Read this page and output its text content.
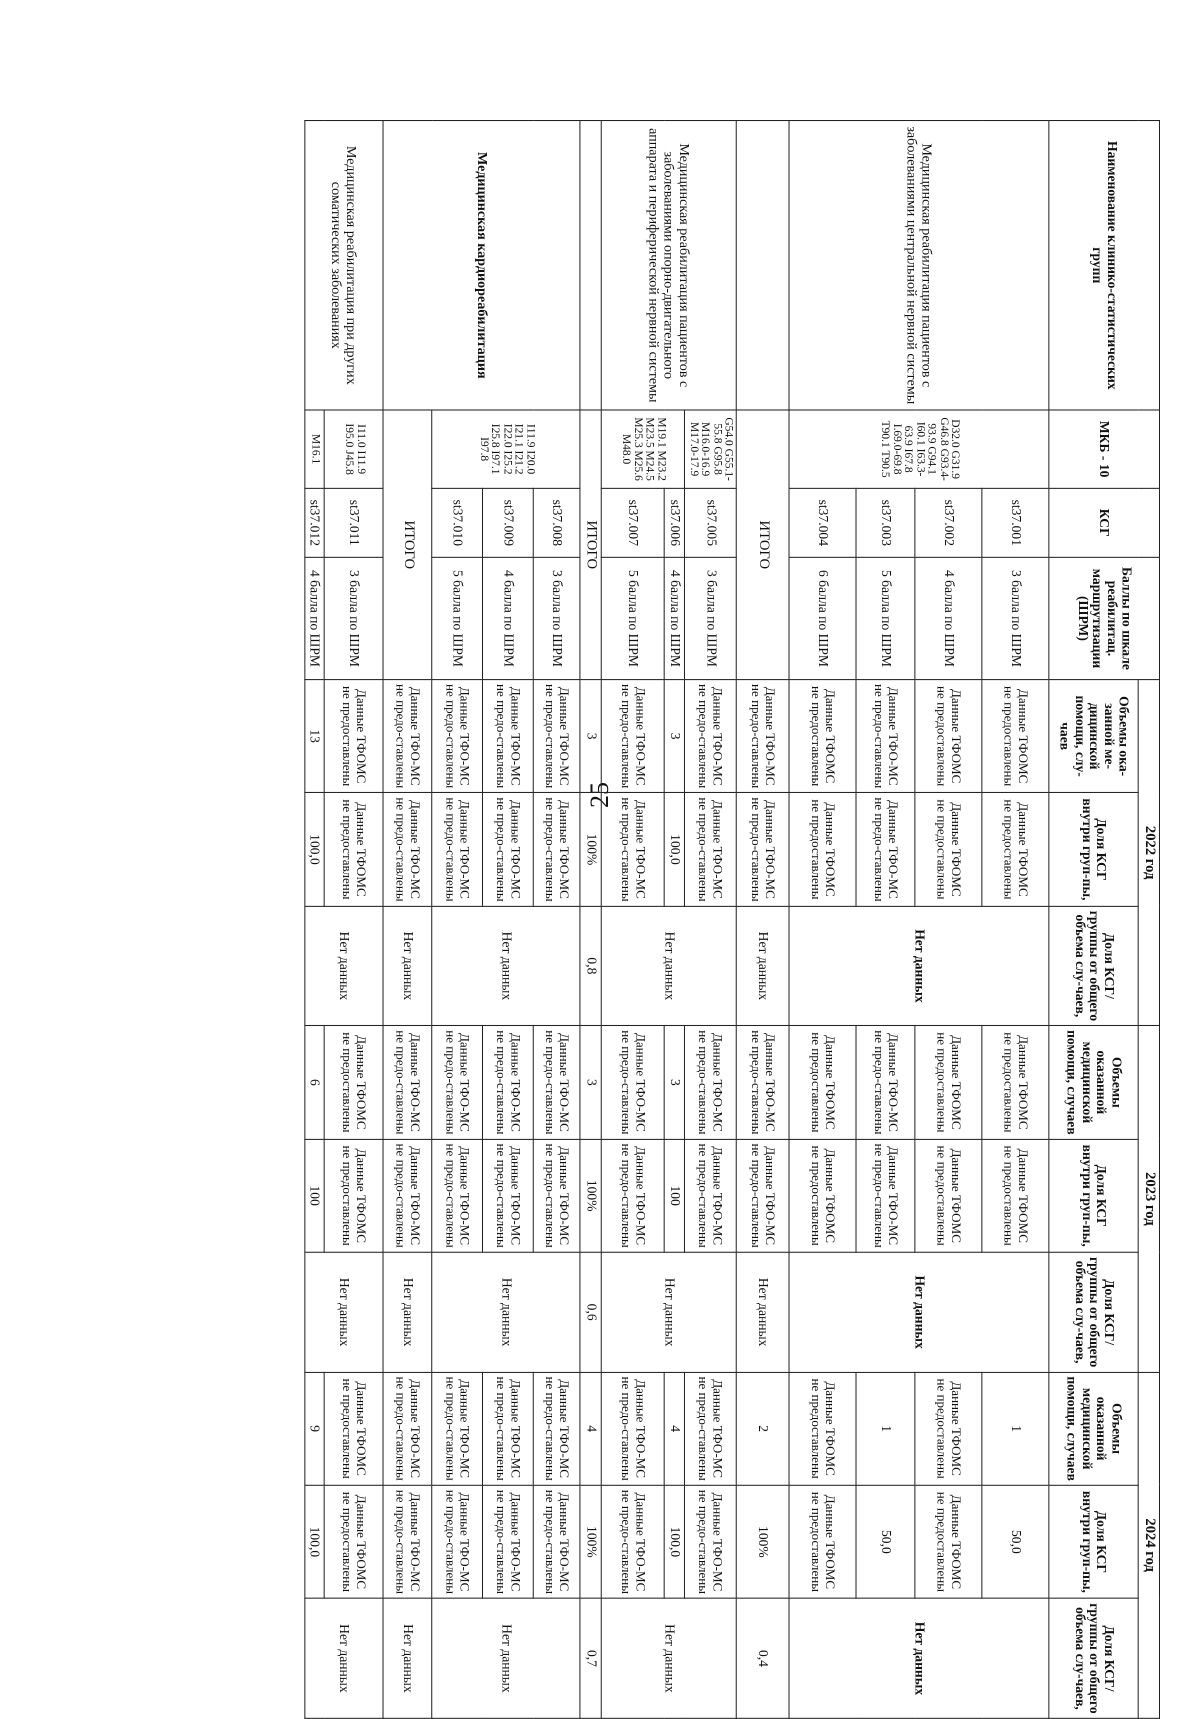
25
Наименование клинико-статистических групп	МКБ - 10	КСГ	Баллы по шкале реабилитац. маршрутизации (ШРМ)	2022 год			2023 год			2024 год		
				Объемы ока-занной ме-дицинской помощи, слу-чаев	Доля КСГ внутри груп-пы,	Доля КСГ/группы от общего объема слу-чаев,	Объемы оказанной медицинской помощи, случаев	Доля КСГ внутри груп-пы,	Доля КСГ/группы от общего объема слу-чаев,	Объемы оказанной медицинской помощи, случаев	Доля КСГ внутри груп-пы,	Доля КСГ/группы от общего объема слу-чаев,
Медицинская реабилитация пациентов с заболеваниями центральной нервной системы	D32.0 G31.9 G46.8 G93.4-93.9 G94.1 I60.1 I63.3-63.9 I67.8 I.69.0-69.8 T90.1 T90.5	st37.001	3 балла по ШРМ	Данные ТФОМС не предоставлены	Данные ТФОМС не предоставлены	Нет данных	Данные ТФОМС не предоставлены	Данные ТФОМС не предоставлены	Нет данных	1	50,0	Нет данных
		st37.002	4 балла по ШРМ	Данные ТФОМС не предоставлены	Данные ТФОМС не предоставлены		Данные ТФОМС не предоставлены	Данные ТФОМС не предоставлены		Данные ТФОМС не предоставлены	Данные ТФОМС не предоставлены	
		st37.003	5 балла по ШРМ	Данные ТФО-МС не предо-ставлены	Данные ТФО-МС не предо-ставлены		Данные ТФО-МС не предо-ставлены	Данные ТФО-МС не предо-ставлены		1	50,0	
		st37.004	6 балла по ШРМ	Данные ТФОМС не предоставлены	Данные ТФОМС не предоставлены		Данные ТФОМС не предоставлены	Данные ТФОМС не предоставлены		Данные ТФОМС не предоставлены	Данные ТФОМС не предоставлены	
	ИТОГО			Данные ТФО-МС не предо-ставлены	Данные ТФО-МС не предо-ставлены	Нет данных	Данные ТФО-МС не предо-ставлены	Данные ТФО-МС не предо-ставлены	Нет данных	2	100%	0,4
Медицинская реабилитация пациентов с заболеваниями опорно-двигательного аппарата и периферической нервной системы	G54.0 G55.1-55.8 G95.8 M16.0-16.9 M17.0-17.9	st37.005	3 балла по ШРМ	Данные ТФО-МС не предо-ставлены	Данные ТФО-МС не предо-ставлены	Нет данных	Данные ТФО-МС не предо-ставлены	Данные ТФО-МС не предо-ставлены	Нет данных	Данные ТФО-МС не предо-ставлены	Данные ТФО-МС не предо-ставлены	Нет данных
	M19.1 M23.2 M23.5 M24.5 M25.3 M25.6 M48.0	st37.006	4 балла по ШРМ	3	100,0		3	100		4	100,0	
		st37.007	5 балла по ШРМ	Данные ТФО-МС не предо-ставлены	Данные ТФО-МС не предо-ставлены		Данные ТФО-МС не предо-ставлены	Данные ТФО-МС не предо-ставлены		Данные ТФО-МС не предо-ставлены	Данные ТФО-МС не предо-ставлены	
	ИТОГО			3	100%	0,8	3	100%	0,6	4	100%	0,7
Медицинская кардиореабилитация	I11.9 I20.0 I21.1 I21.2 I22.0 I25.2 I25.8 I97.1 I97.8	st37.008	3 балла по ШРМ	Данные ТФО-МС не предо-ставлены	Данные ТФО-МС не предо-ставлены	Нет данных	Данные ТФО-МС не предо-ставлены	Данные ТФО-МС не предо-ставлены	Нет данных	Данные ТФО-МС не предо-ставлены	Данные ТФО-МС не предо-ставлены	Нет данных
		st37.009	4 балла по ШРМ	Данные ТФО-МС не предо-ставлены	Данные ТФО-МС не предо-ставлены		Данные ТФО-МС не предо-ставлены	Данные ТФО-МС не предо-ставлены		Данные ТФО-МС не предо-ставлены	Данные ТФО-МС не предо-ставлены	
		st37.010	5 балла по ШРМ	Данные ТФО-МС не предо-ставлены	Данные ТФО-МС не предо-ставлены		Данные ТФО-МС не предо-ставлены	Данные ТФО-МС не предо-ставлены		Данные ТФО-МС не предо-ставлены	Данные ТФО-МС не предо-ставлены	
	ИТОГО			Данные ТФО-МС не предо-ставлены	Данные ТФО-МС не предо-ставлены	Нет данных	Данные ТФО-МС не предо-ставлены	Данные ТФО-МС не предо-ставлены	Нет данных	Данные ТФО-МС не предо-ставлены	Данные ТФО-МС не предо-ставлены	Нет данных
Медицинская реабилитация при других соматических заболеваниях	I11.0 I11.9 I95.0 J45.8	st37.011	3 балла по ШРМ	Данные ТФОМС не предоставлены	Данные ТФОМС не предоставлены	Нет данных	Данные ТФОМС не предоставлены	Данные ТФОМС не предоставлены	Нет данных	Данные ТФОМС не предоставлены	Данные ТФОМС не предоставлены	Нет данных
	M16.1	st37.012	4 балла по ШРМ	13	100,0		6	100		9	100,0	
